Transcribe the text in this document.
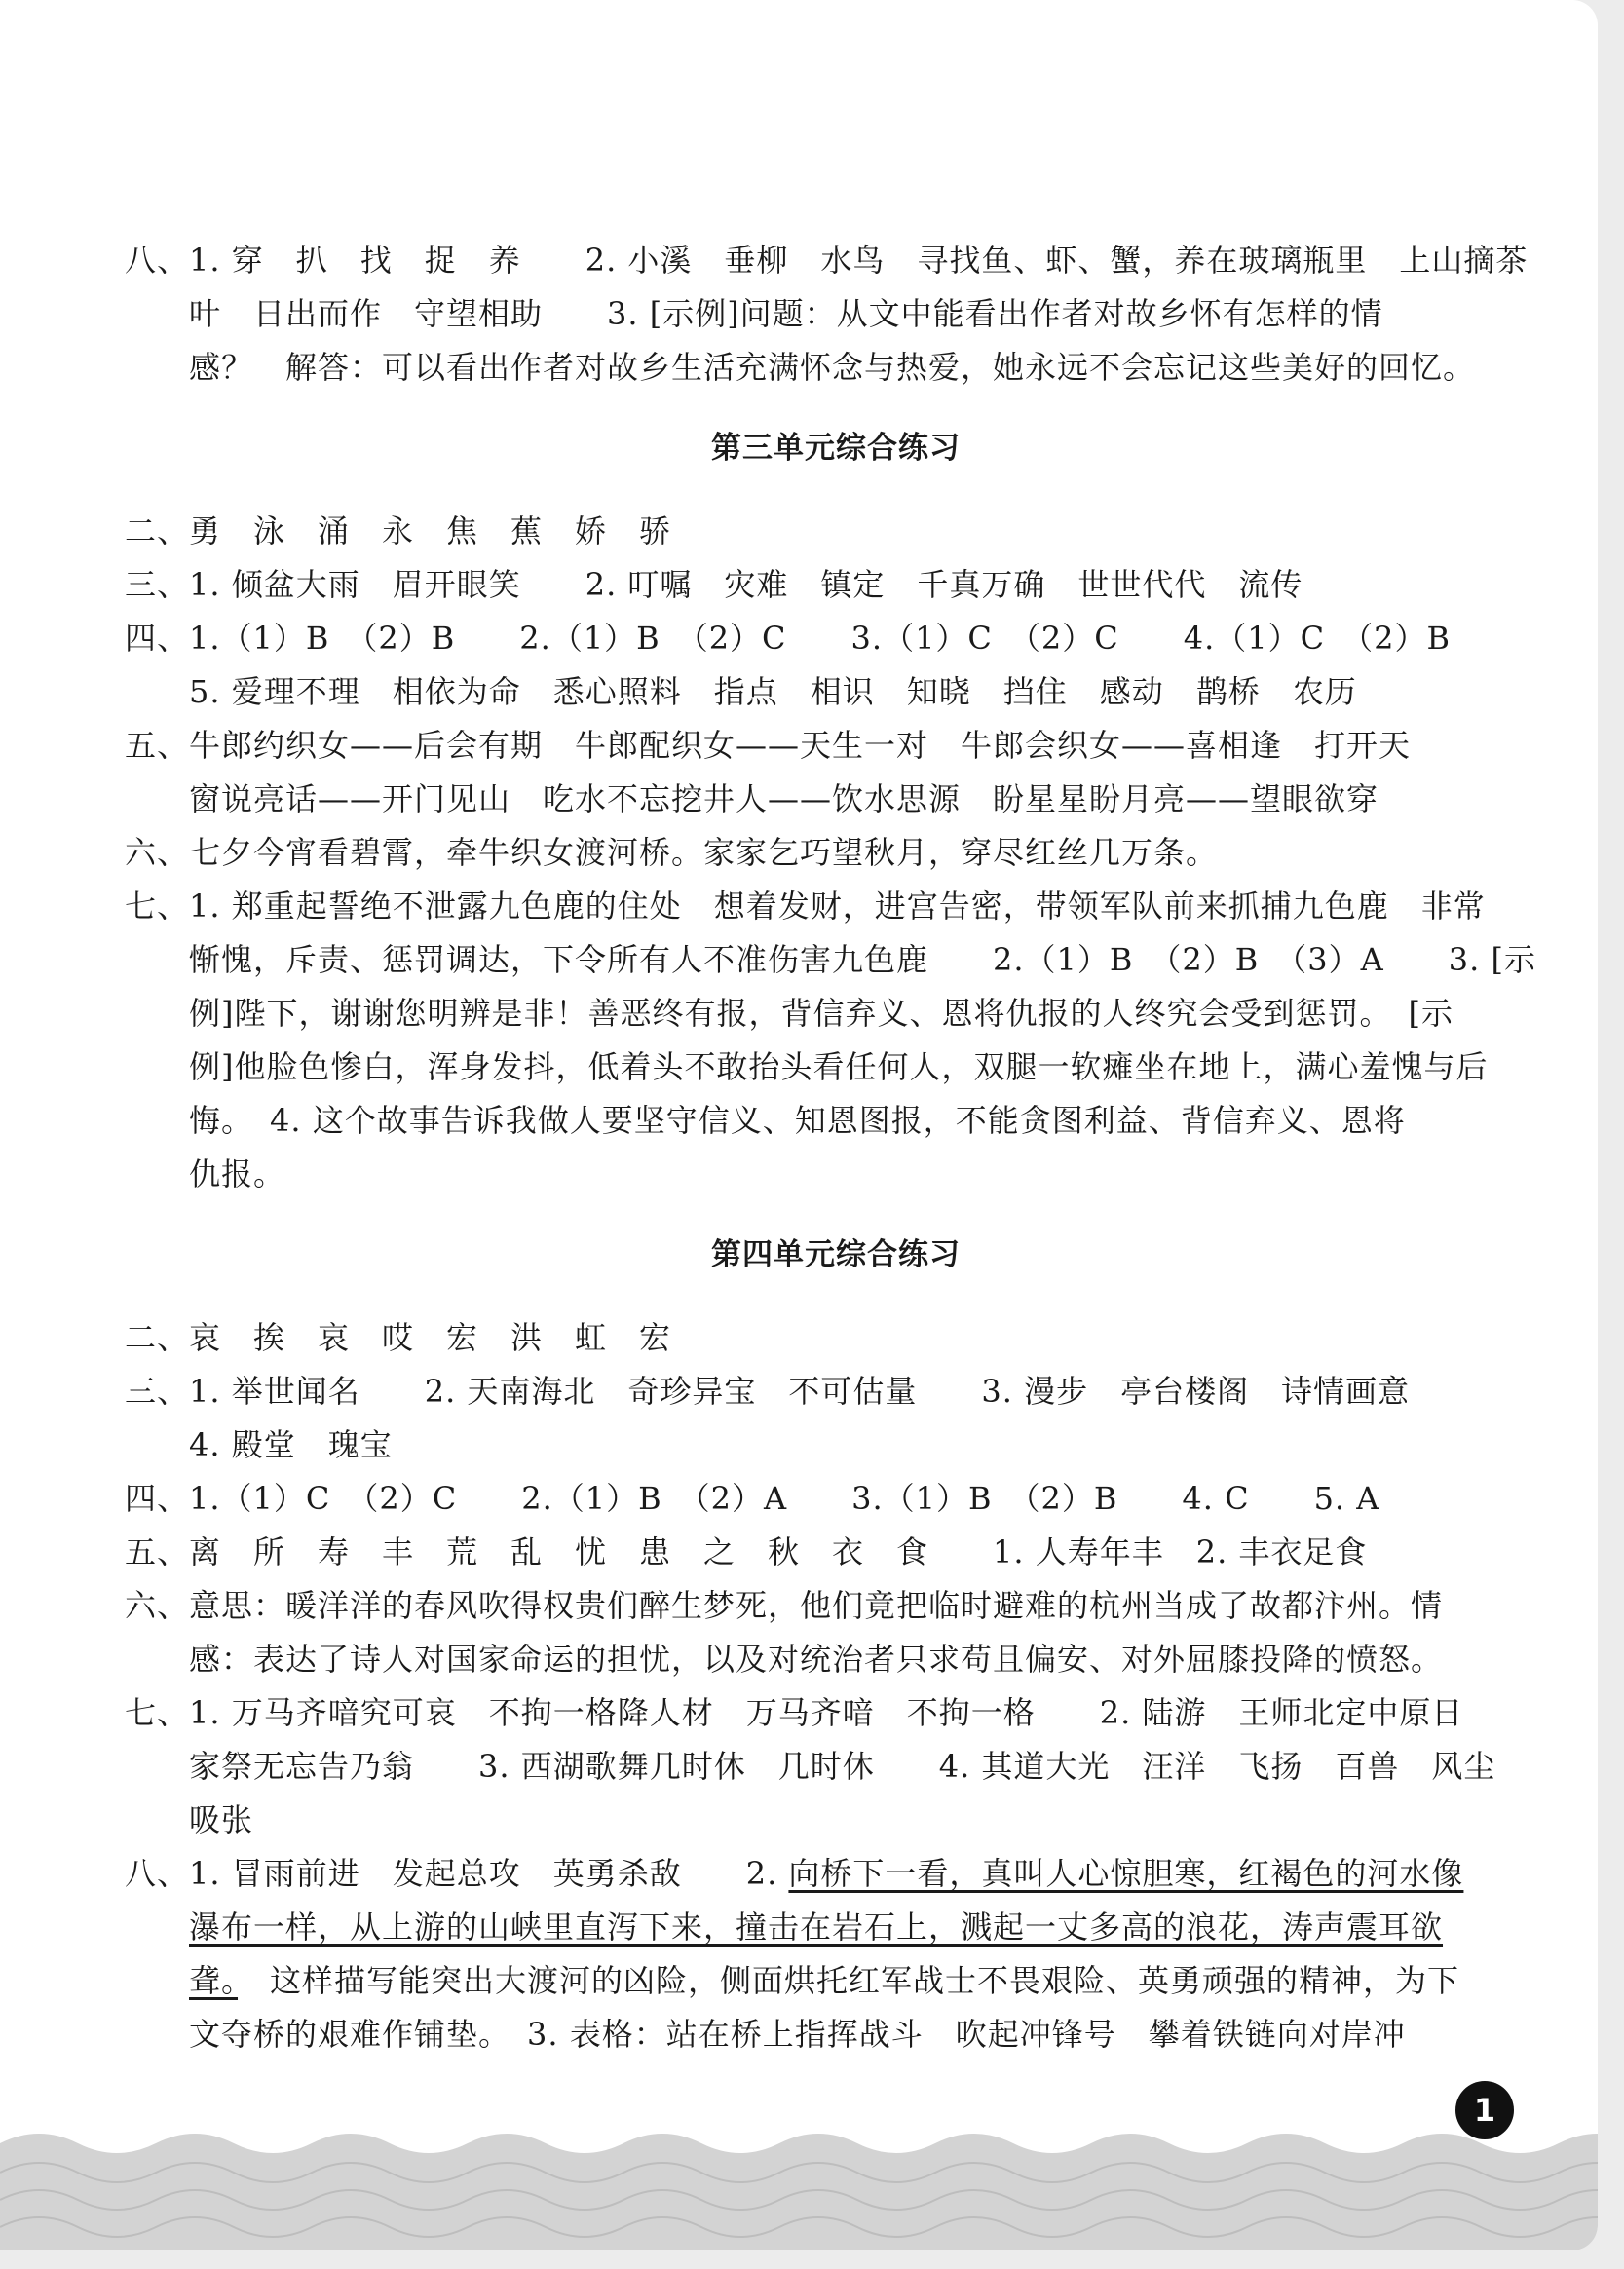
八、1. 穿　扒　找　捉　养　　2. 小溪　垂柳　水鸟　寻找鱼、虾、蟹，养在玻璃瓶里　上山摘茶
叶　日出而作　守望相助　　3. [示例]问题：从文中能看出作者对故乡怀有怎样的情
感？　解答：可以看出作者对故乡生活充满怀念与热爱，她永远不会忘记这些美好的回忆。
第三单元综合练习
二、勇　泳　涌　永　焦　蕉　娇　骄
三、1. 倾盆大雨　眉开眼笑　　2. 叮嘱　灾难　镇定　千真万确　世世代代　流传
四、1.（1）B　（2）B　　2.（1）B　（2）C　　3.（1）C　（2）C　　4.（1）C　（2）B
5. 爱理不理　相依为命　悉心照料　指点　相识　知晓　挡住　感动　鹊桥　农历
五、牛郎约织女——后会有期　牛郎配织女——天生一对　牛郎会织女——喜相逢　打开天
窗说亮话——开门见山　吃水不忘挖井人——饮水思源　盼星星盼月亮——望眼欲穿
六、七夕今宵看碧霄，牵牛织女渡河桥。家家乞巧望秋月，穿尽红丝几万条。
七、1. 郑重起誓绝不泄露九色鹿的住处　想着发财，进宫告密，带领军队前来抓捕九色鹿　非常
惭愧，斥责、惩罚调达，下令所有人不准伤害九色鹿　　2.（1）B　（2）B　（3）A　　3. [示
例]陛下，谢谢您明辨是非！善恶终有报，背信弃义、恩将仇报的人终究会受到惩罚。　[示
例]他脸色惨白，浑身发抖，低着头不敢抬头看任何人，双腿一软瘫坐在地上，满心羞愧与后
悔。　4. 这个故事告诉我做人要坚守信义、知恩图报，不能贪图利益、背信弃义、恩将
仇报。
第四单元综合练习
二、哀　挨　哀　哎　宏　洪　虹　宏
三、1. 举世闻名　　2. 天南海北　奇珍异宝　不可估量　　3. 漫步　亭台楼阁　诗情画意
4. 殿堂　瑰宝
四、1.（1）C　（2）C　　2.（1）B　（2）A　　3.（1）B　（2）B　　4. C　　5. A
五、离　所　寿　丰　荒　乱　忧　患　之　秋　衣　食　　1. 人寿年丰　2. 丰衣足食
六、意思：暖洋洋的春风吹得权贵们醉生梦死，他们竟把临时避难的杭州当成了故都汴州。情
感：表达了诗人对国家命运的担忧，以及对统治者只求苟且偏安、对外屈膝投降的愤怒。
七、1. 万马齐喑究可哀　不拘一格降人材　万马齐喑　不拘一格　　2. 陆游　王师北定中原日
家祭无忘告乃翁　　3. 西湖歌舞几时休　几时休　　4. 其道大光　汪洋　飞扬　百兽　风尘
吸张
八、1. 冒雨前进　发起总攻　英勇杀敌　　2. 向桥下一看，真叫人心惊胆寒，红褐色的河水像
瀑布一样，从上游的山峡里直泻下来，撞击在岩石上，溅起一丈多高的浪花，涛声震耳欲
聋。　这样描写能突出大渡河的凶险，侧面烘托红军战士不畏艰险、英勇顽强的精神，为下
文夺桥的艰难作铺垫。　3. 表格：站在桥上指挥战斗　吹起冲锋号　攀着铁链向对岸冲
1
